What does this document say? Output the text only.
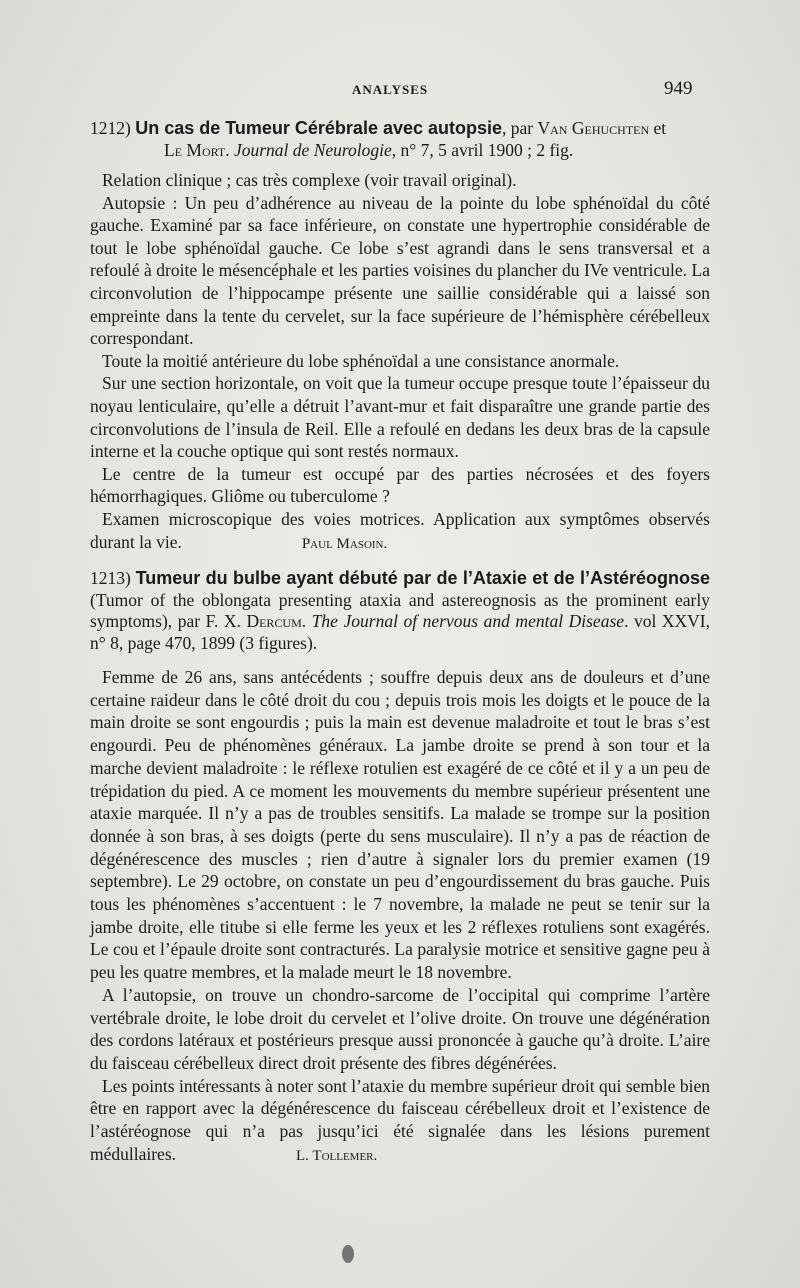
ANALYSES	949

1212) Un cas de Tumeur Cérébrale avec autopsie, par Van Gehuchten et
Le Mort. Journal de Neurologie, n° 7, 5 avril 1900 ; 2 fig.

Relation clinique ; cas très complexe (voir travail original).

Autopsie : Un peu d’adhérence au niveau de la pointe du lobe sphénoïdal du côté gauche. Examiné par sa face inférieure, on constate une hypertrophie considérable de tout le lobe sphénoïdal gauche. Ce lobe s’est agrandi dans le sens transversal et a refoulé à droite le mésencéphale et les parties voisines du plancher du IVe ventricule. La circonvolution de l’hippocampe présente une saillie considérable qui a laissé son empreinte dans la tente du cervelet, sur la face supérieure de l’hémisphère cérébelleux correspondant.

Toute la moitié antérieure du lobe sphénoïdal a une consistance anormale.

Sur une section horizontale, on voit que la tumeur occupe presque toute l’épaisseur du noyau lenticulaire, qu’elle a détruit l’avant-mur et fait disparaître une grande partie des circonvolutions de l’insula de Reil. Elle a refoulé en dedans les deux bras de la capsule interne et la couche optique qui sont restés normaux.

Le centre de la tumeur est occupé par des parties nécrosées et des foyers hémorrhagiques. Gliôme ou tuberculome ?

Examen microscopique des voies motrices. Application aux symptômes observés durant la vie.	Paul Masoin.

1213) Tumeur du bulbe ayant débuté par de l’Ataxie et de l’Astéréognose (Tumor of the oblongata presenting ataxia and astereognosis as the prominent early symptoms), par F. X. Dercum. The Journal of nervous and mental Disease. vol XXVI, n° 8, page 470, 1899 (3 figures).

Femme de 26 ans, sans antécédents ; souffre depuis deux ans de douleurs et d’une certaine raideur dans le côté droit du cou ; depuis trois mois les doigts et le pouce de la main droite se sont engourdis ; puis la main est devenue maladroite et tout le bras s’est engourdi. Peu de phénomènes généraux. La jambe droite se prend à son tour et la marche devient maladroite : le réflexe rotulien est exagéré de ce côté et il y a un peu de trépidation du pied. A ce moment les mouvements du membre supérieur présentent une ataxie marquée. Il n’y a pas de troubles sensitifs. La malade se trompe sur la position donnée à son bras, à ses doigts (perte du sens musculaire). Il n’y a pas de réaction de dégénérescence des muscles ; rien d’autre à signaler lors du premier examen (19 septembre). Le 29 octobre, on constate un peu d’engourdissement du bras gauche. Puis tous les phénomènes s’accentuent : le 7 novembre, la malade ne peut se tenir sur la jambe droite, elle titube si elle ferme les yeux et les 2 réflexes rotuliens sont exagérés. Le cou et l’épaule droite sont contracturés. La paralysie motrice et sensitive gagne peu à peu les quatre membres, et la malade meurt le 18 novembre.

A l’autopsie, on trouve un chondro-sarcome de l’occipital qui comprime l’artère vertébrale droite, le lobe droit du cervelet et l’olive droite. On trouve une dégénération des cordons latéraux et postérieurs presque aussi prononcée à gauche qu’à droite. L’aire du faisceau cérébelleux direct droit présente des fibres dégénérées.

Les points intéressants à noter sont l’ataxie du membre supérieur droit qui semble bien être en rapport avec la dégénérescence du faisceau cérébelleux droit et l’existence de l’astéréognose qui n’a pas jusqu’ici été signalée dans les lésions purement médullaires.	L. Tollemer.
